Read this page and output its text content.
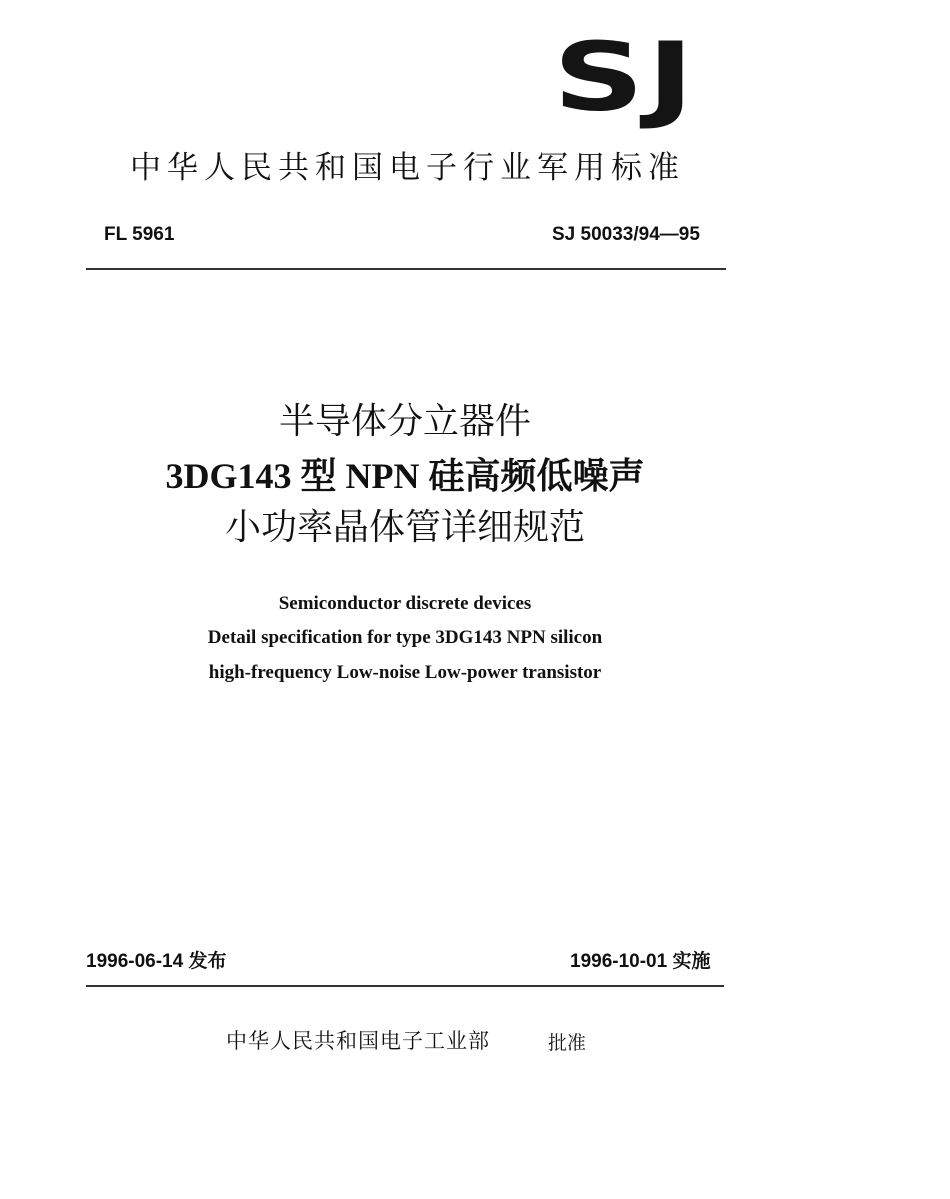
SJ
中华人民共和国电子行业军用标准
FL 5961	SJ 50033/94—95
半导体分立器件
3DG143 型 NPN 硅高频低噪声
小功率晶体管详细规范
Semiconductor discrete devices
Detail specification for type 3DG143 NPN silicon
high-frequency Low-noise Low-power transistor
1996-06-14 发布	1996-10-01 实施
中华人民共和国电子工业部	批准
